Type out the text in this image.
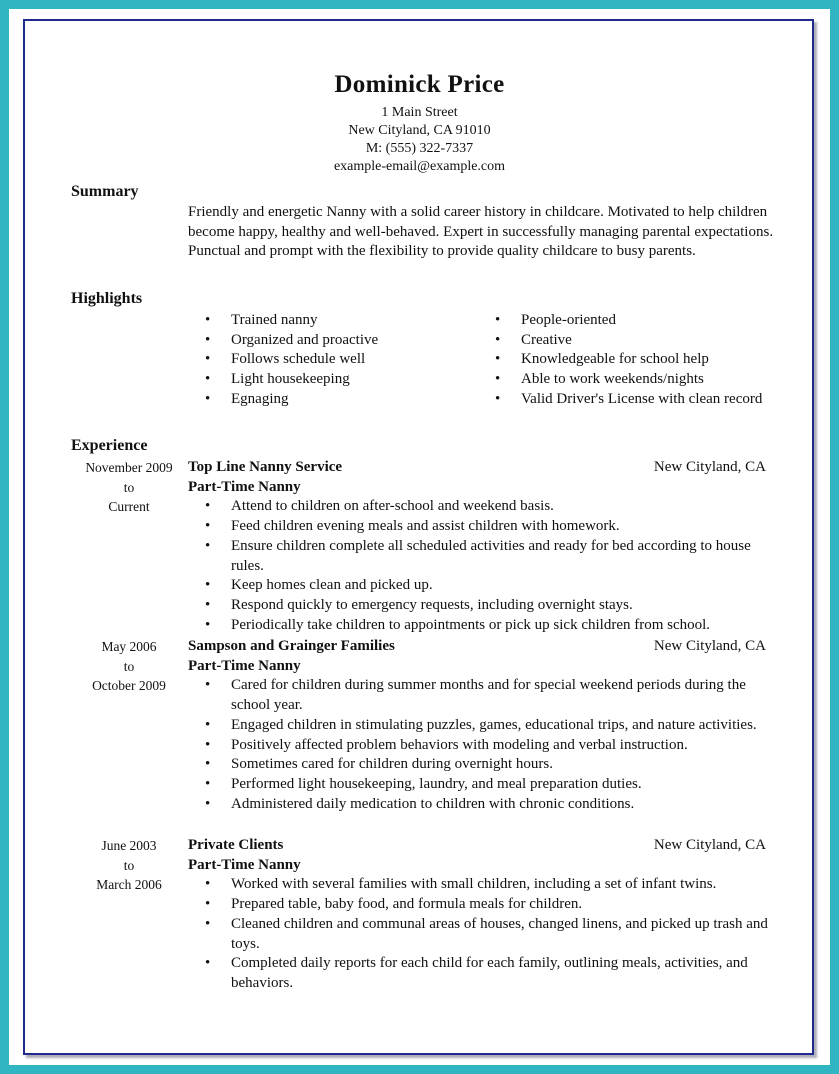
Dominick Price
1 Main Street
New Cityland, CA 91010
M: (555) 322-7337
example-email@example.com
Summary
Friendly and energetic Nanny with a solid career history in childcare. Motivated to help children become happy, healthy and well-behaved. Expert in successfully managing parental expectations. Punctual and prompt with the flexibility to provide quality childcare to busy parents.
Highlights
• Trained nanny
• Organized and proactive
• Follows schedule well
• Light housekeeping
• Egnaging
• People-oriented
• Creative
• Knowledgeable for school help
• Able to work weekends/nights
• Valid Driver's License with clean record
Experience
November 2009
to
Current
Top Line Nanny Service	New Cityland, CA
Part-Time Nanny
• Attend to children on after-school and weekend basis.
• Feed children evening meals and assist children with homework.
• Ensure children complete all scheduled activities and ready for bed according to house rules.
• Keep homes clean and picked up.
• Respond quickly to emergency requests, including overnight stays.
• Periodically take children to appointments or pick up sick children from school.
May 2006
to
October 2009
Sampson and Grainger Families	New Cityland, CA
Part-Time Nanny
• Cared for children during summer months and for special weekend periods during the school year.
• Engaged children in stimulating puzzles, games, educational trips, and nature activities.
• Positively affected problem behaviors with modeling and verbal instruction.
• Sometimes cared for children during overnight hours.
• Performed light housekeeping, laundry, and meal preparation duties.
• Administered daily medication to children with chronic conditions.
June 2003
to
March 2006
Private Clients	New Cityland, CA
Part-Time Nanny
• Worked with several families with small children, including a set of infant twins.
• Prepared table, baby food, and formula meals for children.
• Cleaned children and communal areas of houses, changed linens, and picked up trash and toys.
• Completed daily reports for each child for each family, outlining meals, activities, and behaviors.
